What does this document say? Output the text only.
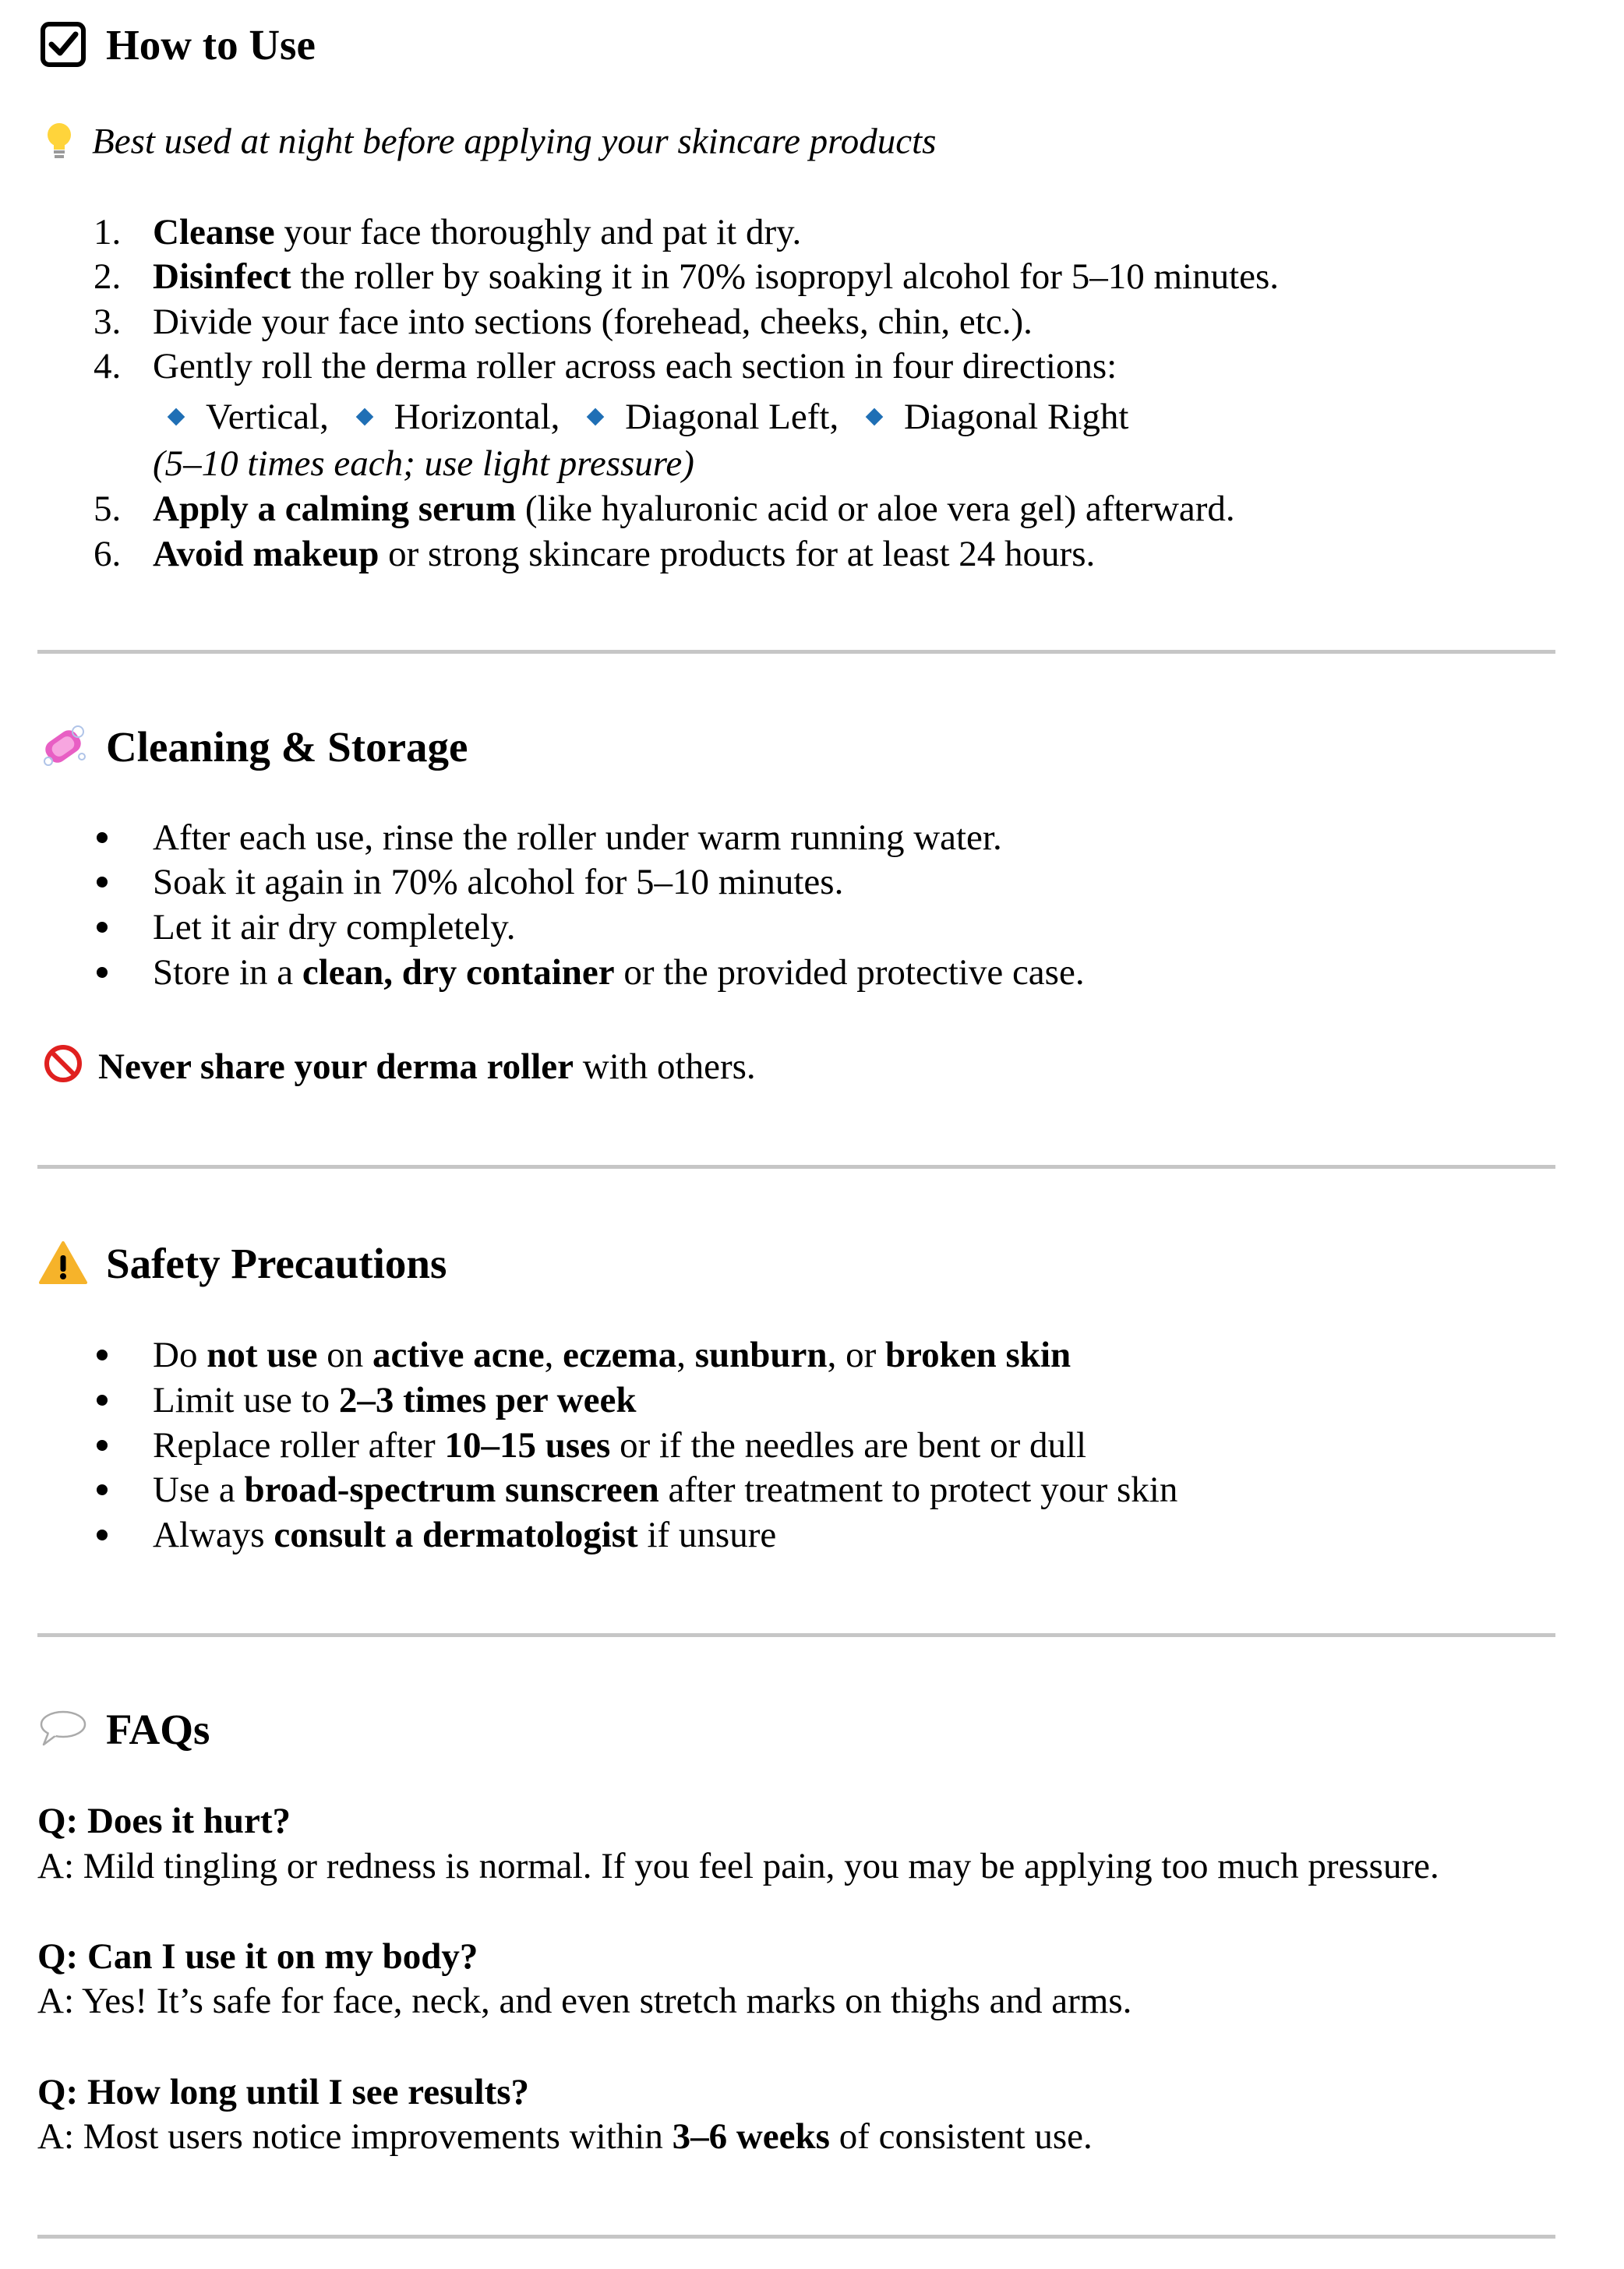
How to Use
Best used at night before applying your skincare products
1. Cleanse your face thoroughly and pat it dry.
2. Disinfect the roller by soaking it in 70% isopropyl alcohol for 5–10 minutes.
3. Divide your face into sections (forehead, cheeks, chin, etc.).
4. Gently roll the derma roller across each section in four directions:
Vertical, Horizontal, Diagonal Left, Diagonal Right
(5–10 times each; use light pressure)
5. Apply a calming serum (like hyaluronic acid or aloe vera gel) afterward.
6. Avoid makeup or strong skincare products for at least 24 hours.
Cleaning & Storage
After each use, rinse the roller under warm running water.
Soak it again in 70% alcohol for 5–10 minutes.
Let it air dry completely.
Store in a clean, dry container or the provided protective case.
Never share your derma roller with others.
Safety Precautions
Do not use on active acne, eczema, sunburn, or broken skin
Limit use to 2–3 times per week
Replace roller after 10–15 uses or if the needles are bent or dull
Use a broad-spectrum sunscreen after treatment to protect your skin
Always consult a dermatologist if unsure
FAQs
Q: Does it hurt?
A: Mild tingling or redness is normal. If you feel pain, you may be applying too much pressure.
Q: Can I use it on my body?
A: Yes! It’s safe for face, neck, and even stretch marks on thighs and arms.
Q: How long until I see results?
A: Most users notice improvements within 3–6 weeks of consistent use.
